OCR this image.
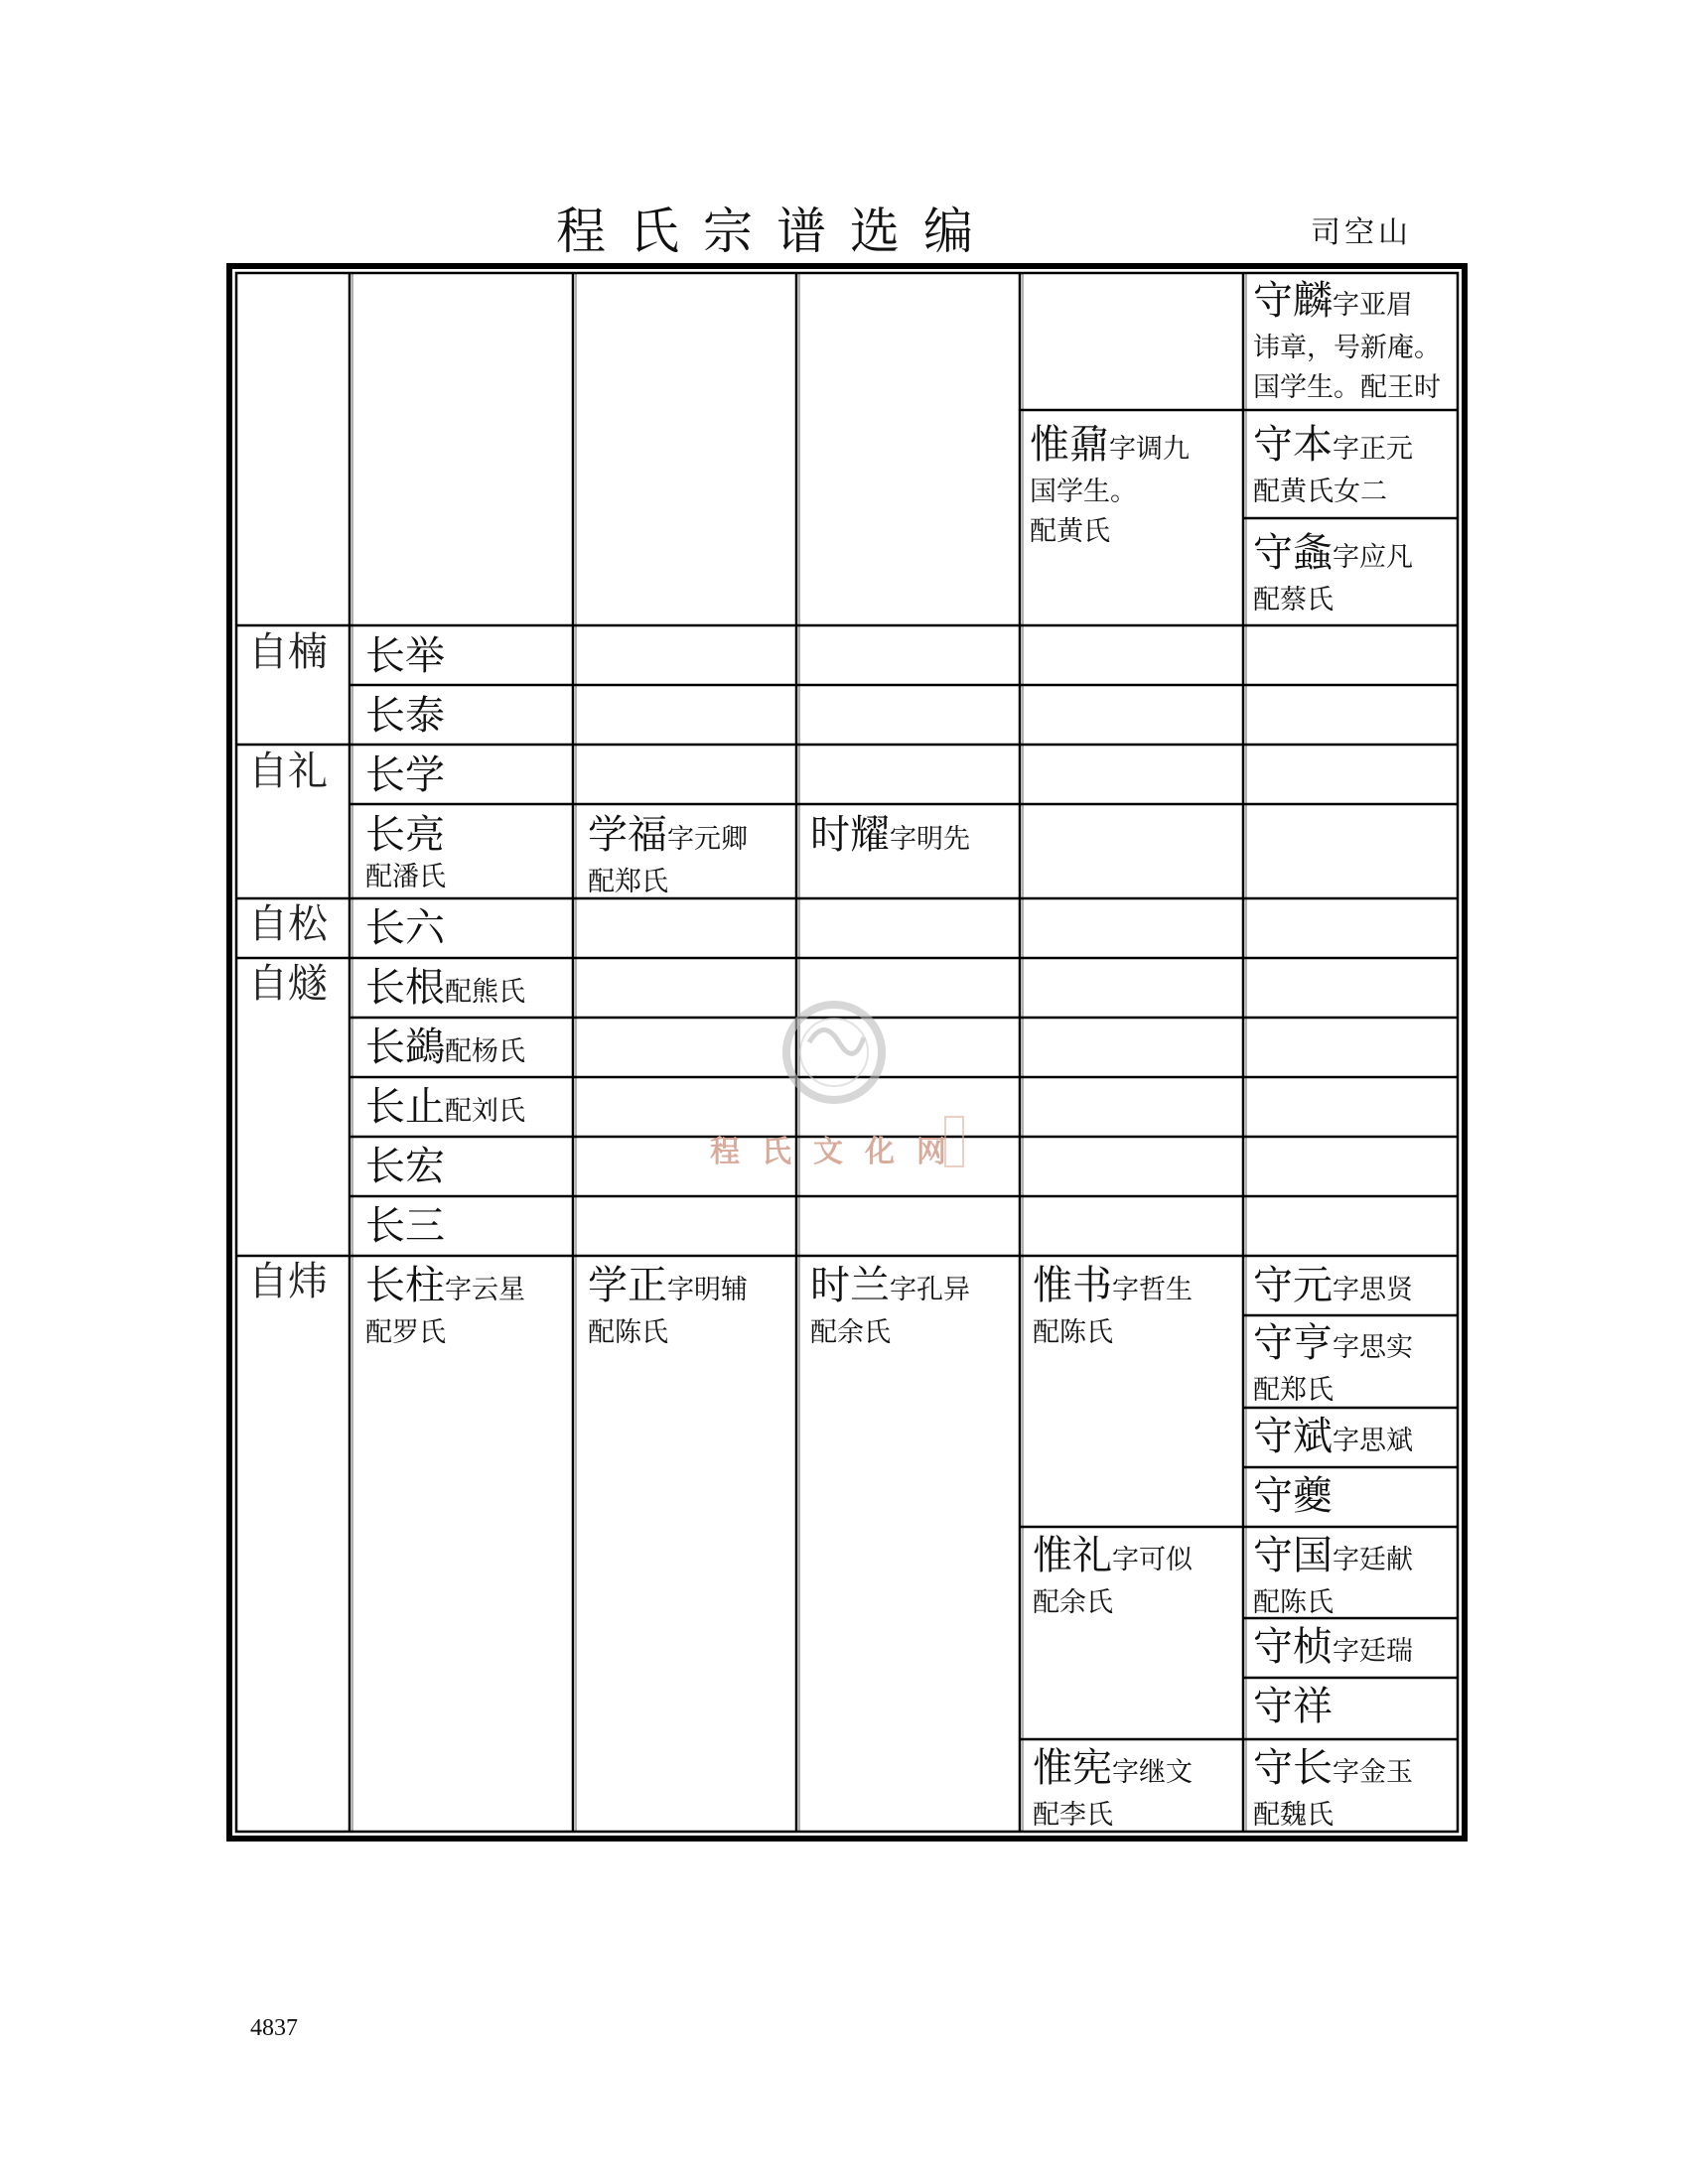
程氏宗谱选编	司空山
守麟字亚眉
讳章，号新庵。
国学生。配王时
惟鼐字调九
国学生。
配黄氏
守本字正元
配黄氏女二
守螽字应凡
配蔡氏
自楠 长举
长泰
自礼 长学
长亮
配潘氏
学福字元卿
配郑氏
时耀字明先
自松 长六
自燧 长根配熊氏
长鷁配杨氏
长止配刘氏
长宏
长三
自炜 长柱字云星
配罗氏
学正字明辅
配陈氏
时兰字孔异
配余氏
惟书字哲生
配陈氏
守元字思贤
守亨字思实
配郑氏
守斌字思斌
守夔
惟礼字可似
配余氏
守国字廷献
配陈氏
守桢字廷瑞
守祥
惟宪字继文
配李氏
守长字金玉
配魏氏
程氏文化网
4837
